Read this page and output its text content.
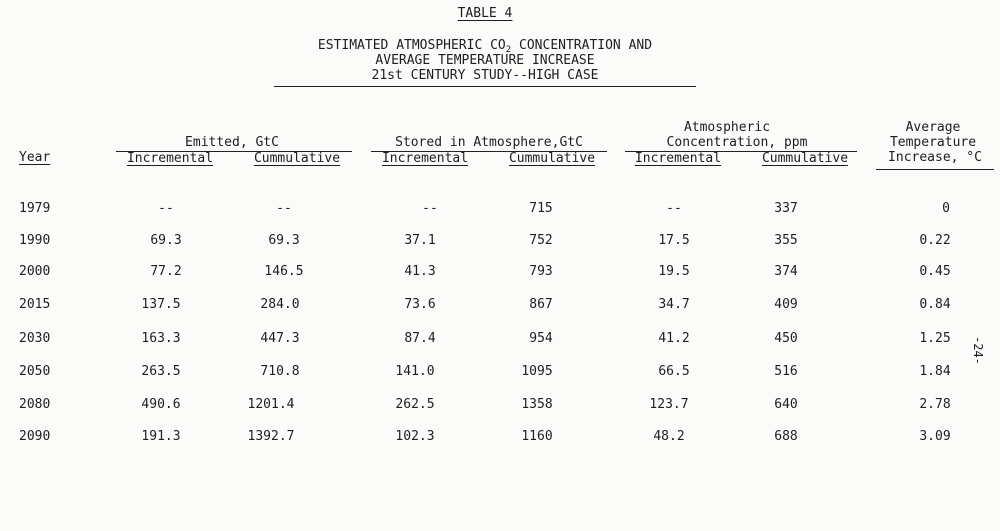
TABLE 4
ESTIMATED ATMOSPHERIC $CO_2$ CONCENTRATION AND
AVERAGE TEMPERATURE INCREASE
21st CENTURY STUDY--HIGH CASE
Emitted, GtC	Stored in Atmosphere,GtC
Atmospheric
Concentration, ppm
Average
Temperature
Increase, °C
Year	Incremental	Cummulative	Incremental	Cummulative	Incremental	Cummulative
1979	--	--	--	715	--	337	0
1990	69.3	69.3	37.1	752	17.5	355	0.22
2000	77.2	146.5	41.3	793	19.5	374	0.45
2015	137.5	284.0	73.6	867	34.7	409	0.84
2030	163.3	447.3	87.4	954	41.2	450	1.25
2050	263.5	710.8	141.0	1095	66.5	516	1.84
2080	490.6	1201.4	262.5	1358	123.7	640	2.78
2090	191.3	1392.7	102.3	1160	48.2	688	3.09
-24-
